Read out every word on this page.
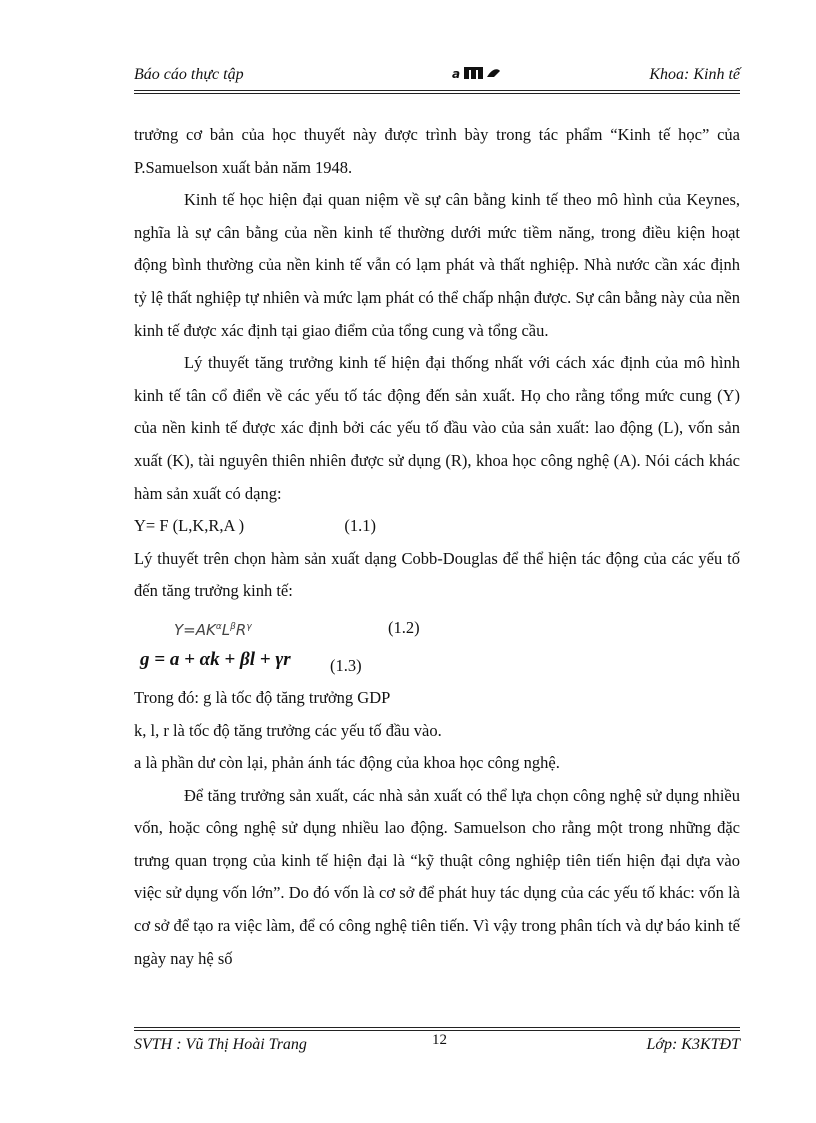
Báo cáo thực tập	a	Khoa: Kinh tế

trưởng cơ bản của học thuyết này được trình bày trong tác phẩm “Kinh tế học” của P.Samuelson xuất bản năm 1948.

Kinh tế học hiện đại quan niệm về sự cân bằng kinh tế theo mô hình của Keynes, nghĩa là sự cân bằng của nền kinh tế thường dưới mức tiềm năng, trong điều kiện hoạt động bình thường của nền kinh tế vẫn có lạm phát và thất nghiệp. Nhà nước cần xác định tỷ lệ thất nghiệp tự nhiên và mức lạm phát có thể chấp nhận được. Sự cân bằng này của nền kinh tế được xác định tại giao điểm của tổng cung và tổng cầu.

Lý thuyết tăng trưởng kinh tế hiện đại thống nhất với cách xác định của mô hình kinh tế tân cổ điển về các yếu tố tác động đến sản xuất. Họ cho rằng tổng mức cung (Y) của nền kinh tế được xác định bởi các yếu tố đầu vào của sản xuất: lao động (L), vốn sản xuất (K), tài nguyên thiên nhiên được sử dụng (R), khoa học công nghệ (A). Nói cách khác hàm sản xuất có dạng:

Y= F (L,K,R,A )	(1.1)

Lý thuyết trên chọn hàm sản xuất dạng Cobb-Douglas để thể hiện tác động của các yếu tố đến tăng trưởng kinh tế:

$Y=AK^\alpha L^\beta R^\gamma$	(1.2)

g = a + αk + βl + γr (1.3)

Trong đó: g là tốc độ tăng trưởng GDP

k, l, r là tốc độ tăng trưởng các yếu tố đầu vào.

a là phần dư còn lại, phản ánh tác động của khoa học công nghệ.

Để tăng trưởng sản xuất, các nhà sản xuất có thể lựa chọn công nghệ sử dụng nhiều vốn, hoặc công nghệ sử dụng nhiều lao động. Samuelson cho rằng một trong những đặc trưng quan trọng của kinh tế hiện đại là “kỹ thuật công nghiệp tiên tiến hiện đại dựa vào việc sử dụng vốn lớn”. Do đó vốn là cơ sở để phát huy tác dụng của các yếu tố khác: vốn là cơ sở để tạo ra việc làm, để có công nghệ tiên tiến. Vì vậy trong phân tích và dự báo kinh tế ngày nay hệ số

SVTH : Vũ Thị Hoài Trang	12	Lớp: K3KTĐT
